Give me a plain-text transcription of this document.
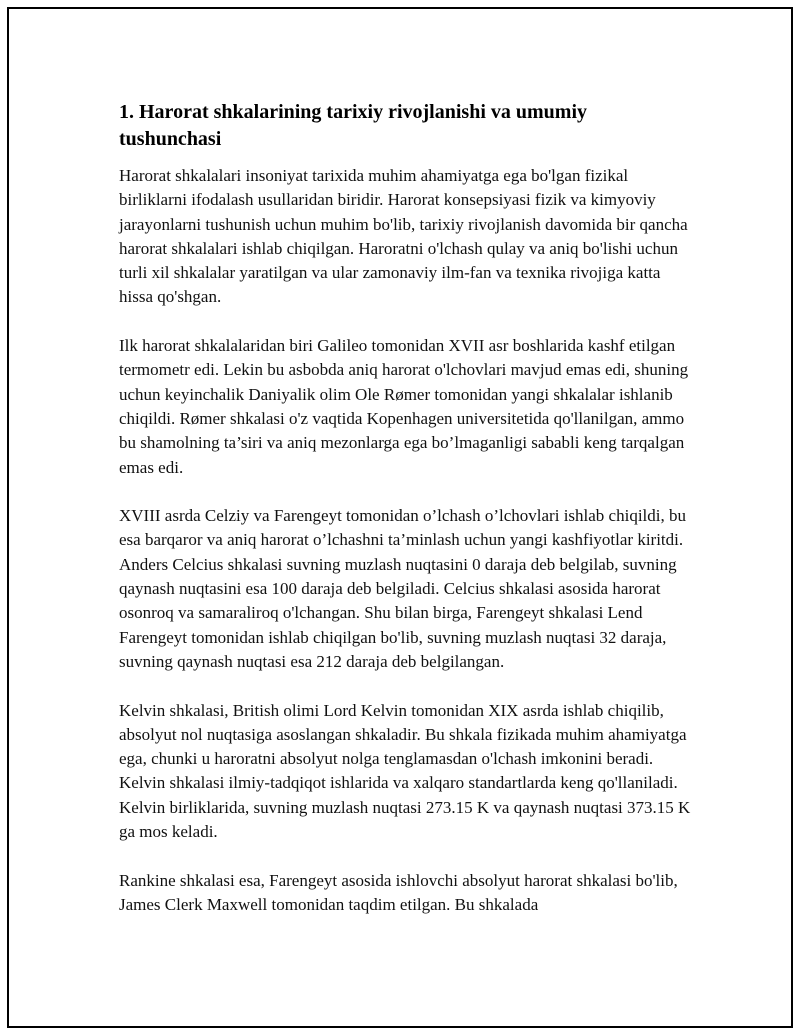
1. Harorat shkalarining tarixiy rivojlanishi va umumiy tushunchasi

Harorat shkalalari insoniyat tarixida muhim ahamiyatga ega bo'lgan fizikal birliklarni ifodalash usullaridan biridir. Harorat konsepsiyasi fizik va kimyoviy jarayonlarni tushunish uchun muhim bo'lib, tarixiy rivojlanish davomida bir qancha harorat shkalalari ishlab chiqilgan. Haroratni o'lchash qulay va aniq bo'lishi uchun turli xil shkalalar yaratilgan va ular zamonaviy ilm-fan va texnika rivojiga katta hissa qo'shgan.

Ilk harorat shkalalaridan biri Galileo tomonidan XVII asr boshlarida kashf etilgan termometr edi. Lekin bu asbobda aniq harorat o'lchovlari mavjud emas edi, shuning uchun keyinchalik Daniyalik olim Ole Rømer tomonidan yangi shkalalar ishlanib chiqildi. Rømer shkalasi o'z vaqtida Kopenhagen universitetida qo'llanilgan, ammo bu shamolning ta’siri va aniq mezonlarga ega bo’lmaganligi sababli keng tarqalgan emas edi.

XVIII asrda Celziy va Farengeyt tomonidan o’lchash o’lchovlari ishlab chiqildi, bu esa barqaror va aniq harorat o’lchashni ta’minlash uchun yangi kashfiyotlar kiritdi. Anders Celcius shkalasi suvning muzlash nuqtasini 0 daraja deb belgilab, suvning qaynash nuqtasini esa 100 daraja deb belgiladi. Celcius shkalasi asosida harorat osonroq va samaraliroq o'lchangan. Shu bilan birga, Farengeyt shkalasi Lend Farengeyt tomonidan ishlab chiqilgan bo'lib, suvning muzlash nuqtasi 32 daraja, suvning qaynash nuqtasi esa 212 daraja deb belgilangan.

Kelvin shkalasi, British olimi Lord Kelvin tomonidan XIX asrda ishlab chiqilib, absolyut nol nuqtasiga asoslangan shkaladir. Bu shkala fizikada muhim ahamiyatga ega, chunki u haroratni absolyut nolga tenglamasdan o'lchash imkonini beradi. Kelvin shkalasi ilmiy-tadqiqot ishlarida va xalqaro standartlarda keng qo'llaniladi. Kelvin birliklarida, suvning muzlash nuqtasi 273.15 K va qaynash nuqtasi 373.15 K ga mos keladi.

Rankine shkalasi esa, Farengeyt asosida ishlovchi absolyut harorat shkalasi bo'lib, James Clerk Maxwell tomonidan taqdim etilgan. Bu shkalada
